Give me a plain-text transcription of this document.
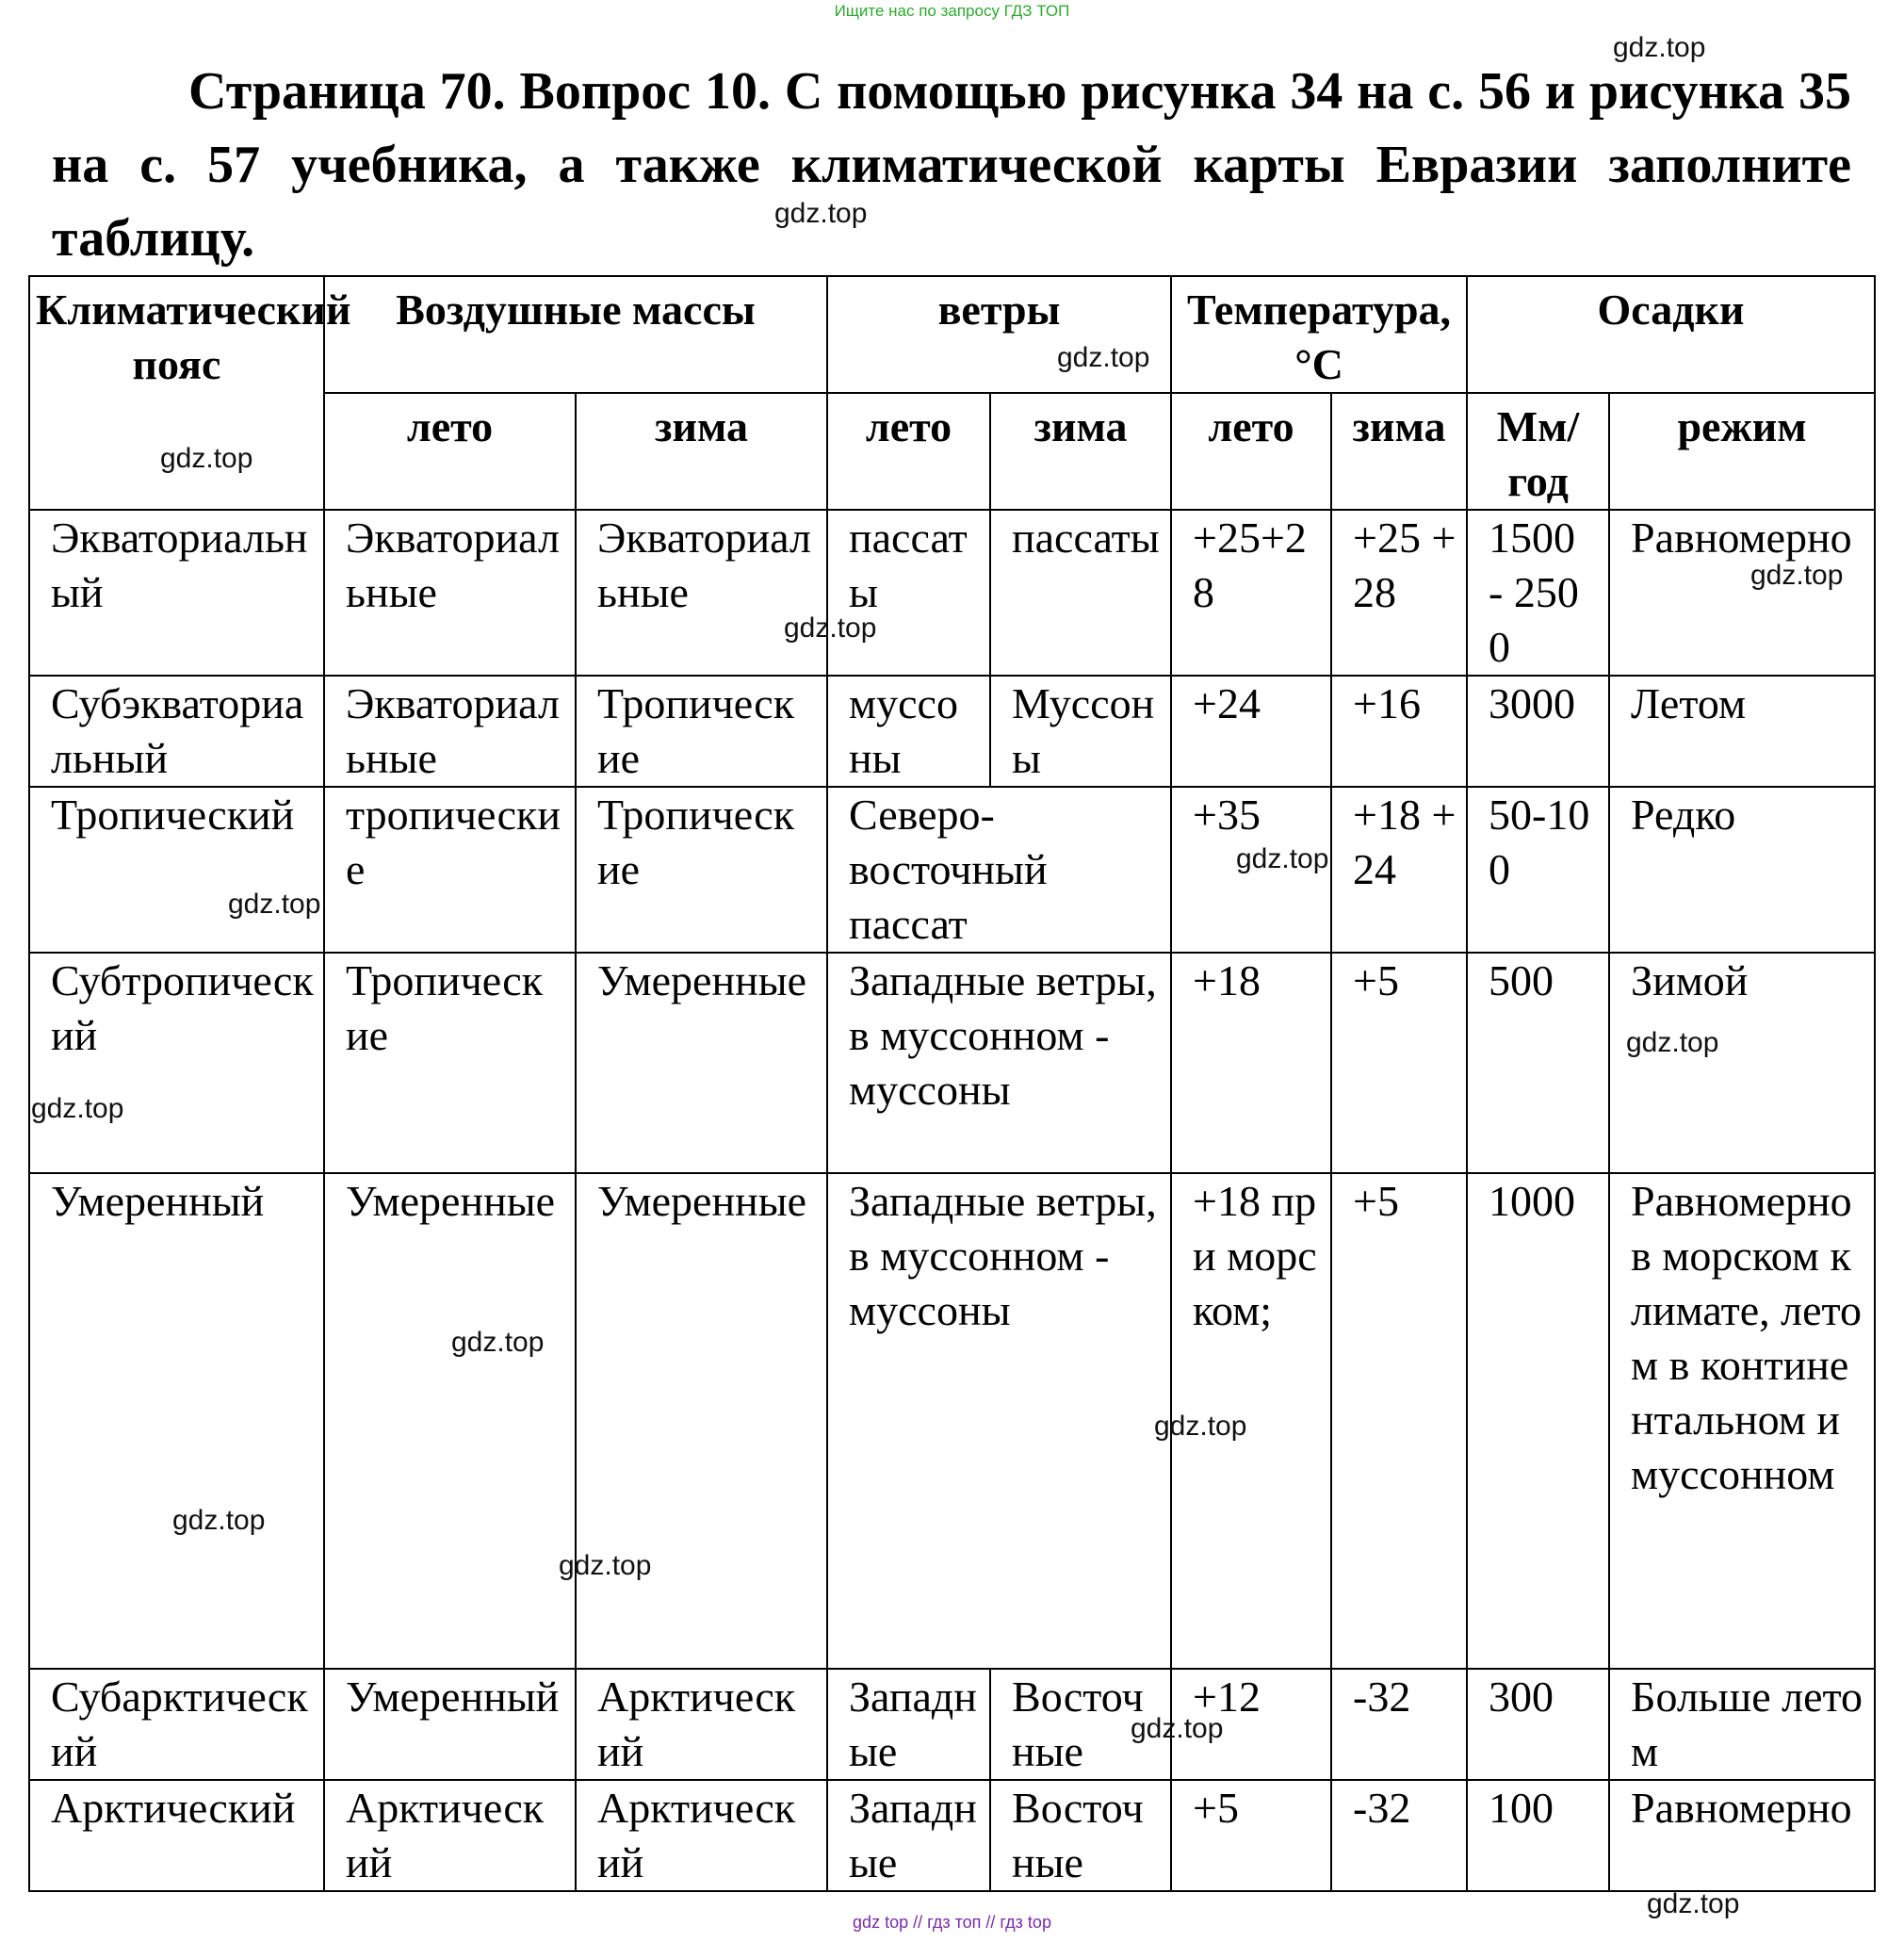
Ищите нас по запросу ГДЗ ТОП
Страница 70. Вопрос 10. С помощью рисунка 34 на с. 56 и рисунка 35 на с. 57 учебника, а также климатической карты Евразии заполните таблицу.
Климатический пояс	Воздушные массы		ветры		Температура, °С		Осадки	
	лето	зима	лето	зима	лето	зима	Мм/год	режим
Экваториальный	Экваториальные	Экваториальные	пассаты	пассаты	+25+28	+25 +28	1500 - 2500	Равномерно
Субэкваториальный	Экваториальные	Тропические	муссоны	Муссоны	+24	+16	3000	Летом
Тропический	тропические	Тропические	Северо-восточный пассат		+35	+18 +24	50-100	Редко
Субтропический	Тропические	Умеренные	Западные ветры, в муссонном - муссоны		+18	+5	500	Зимой
Умеренный	Умеренные	Умеренные	Западные ветры, в муссонном - муссоны		+18 при морском;	+5	1000	Равномерно в морском климате, летом в континентальном и муссонном
Субарктический	Умеренный	Арктический	Западные	Восточные	+12	-32	300	Больше летом
Арктический	Арктический	Арктический	Западные	Восточные	+5	-32	100	Равномерно
gdz.top
gdz.top
gdz.top
gdz.top
gdz.top
gdz.top
gdz.top
gdz.top
gdz.top
gdz.top
gdz.top
gdz.top
gdz.top
gdz.top
gdz.top
gdz.top
gdz top // гдз топ // гдз top
